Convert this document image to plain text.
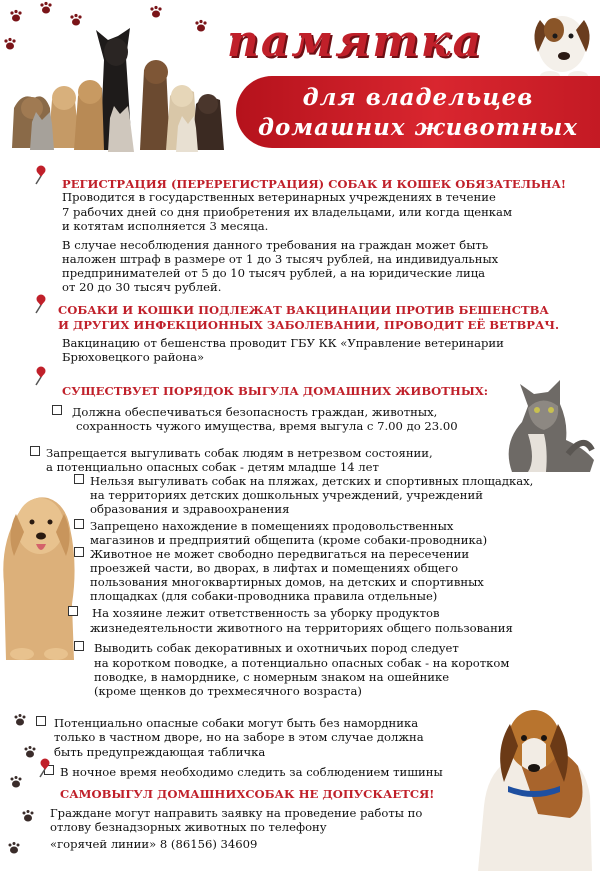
памятка
для владельцев
домашних животных
РЕГИСТРАЦИЯ (ПЕРЕРЕГИСТРАЦИЯ) СОБАК И КОШЕК ОБЯЗАТЕЛЬНА!
Проводится в государственных ветеринарных учреждениях в течение
7 рабочих дней со дня приобретения их владельцами, или когда щенкам
и котятам исполняется 3 месяца.
В случае несоблюдения данного требования на граждан может быть
наложен штраф в размере от 1 до 3 тысяч рублей, на индивидуальных
предпринимателей от 5 до 10 тысяч рублей, а на юридические лица
от 20 до 30 тысяч рублей.
СОБАКИ И КОШКИ ПОДЛЕЖАТ ВАКЦИНАЦИИ ПРОТИВ БЕШЕНСТВА
И ДРУГИХ ИНФЕКЦИОННЫХ ЗАБОЛЕВАНИИ, ПРОВОДИТ ЕЁ ВЕТВРАЧ.
Вакцинацию от бешенства проводит ГБУ КК «Управление ветеринарии
Брюховецкого района»
СУЩЕСТВУЕТ ПОРЯДОК ВЫГУЛА ДОМАШНИХ ЖИВОТНЫХ:
Должна обеспечиваться безопасность граждан, животных,
сохранность чужого имущества, время выгула с 7.00 до 23.00
Запрещается выгуливать собак людям в нетрезвом состоянии,
а потенциально опасных собак - детям младше 14 лет
Нельзя выгуливать собак на пляжах, детских и спортивных площадках,
на территориях детских дошкольных учреждений, учреждений
образования и здравоохранения
Запрещено нахождение в помещениях продовольственных
магазинов и предприятий общепита (кроме собаки-проводника)
Животное не может свободно передвигаться на пересечении
проезжей части, во дворах, в лифтах и помещениях общего
пользования многоквартирных домов, на детских и спортивных
площадках (для собаки-проводника правила отдельные)
На хозяине лежит ответственность за уборку продуктов
жизнедеятельности животного на территориях общего пользования
Выводить собак декоративных и охотничьих пород следует
на коротком поводке, а потенциально опасных собак - на коротком
поводке, в наморднике, с номерным знаком на ошейнике
(кроме щенков до трехмесячного возраста)
Потенциально опасные собаки могут быть без намордника
только в частном дворе, но на заборе в этом случае должна
быть предупреждающая табличка
В ночное время необходимо следить за соблюдением тишины
САМОВЫГУЛ ДОМАШНИХСОБАК НЕ ДОПУСКАЕТСЯ!
Граждане могут направить заявку на проведение работы по
отлову безнадзорных животных по телефону
«горячей линии» 8 (86156) 34609
